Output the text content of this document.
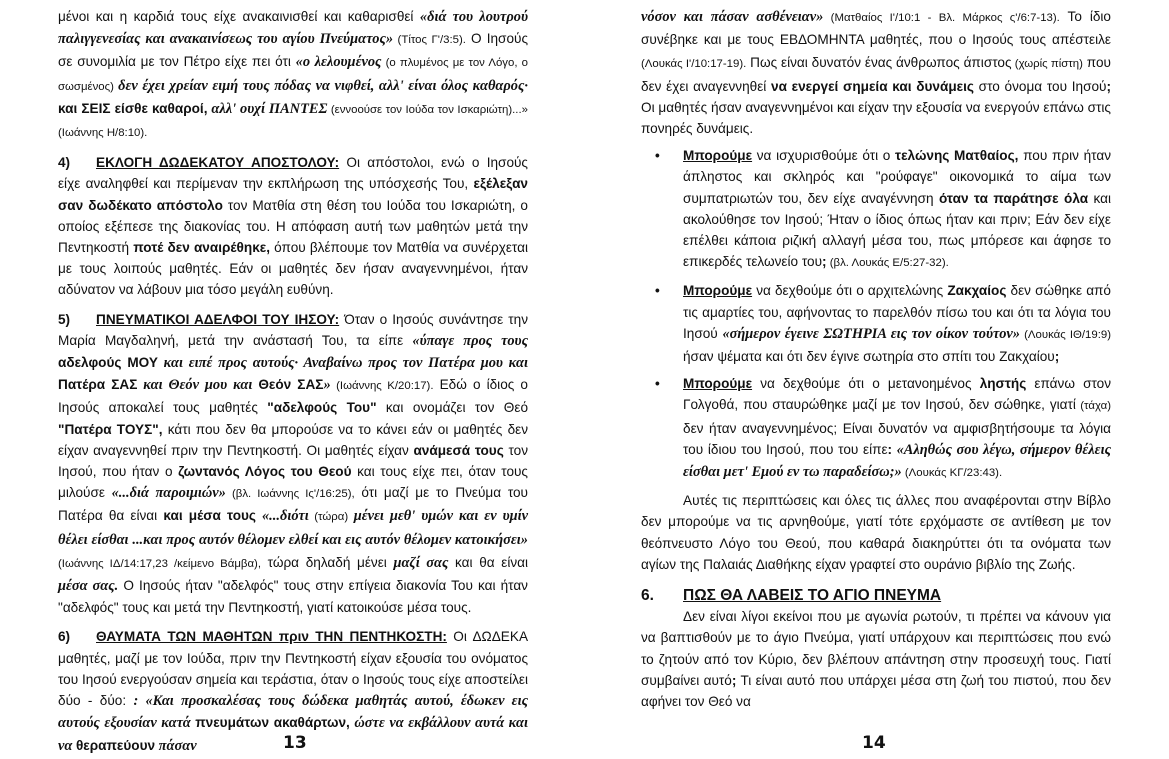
μένοι και η καρδιά τους είχε ανακαινισθεί και καθαρισθεί «διά του λουτρού παλιγγενεσίας και ανακαινίσεως του αγίου Πνεύματος» (Τίτος Γ'/3:5). Ο Ιησούς σε συνομιλία με τον Πέτρο είχε πει ότι «ο λελουμένος (ο πλυμένος με τον Λόγο, ο σωσμένος) δεν έχει χρείαν ειμή τους πόδας να νιφθεί, αλλ' είναι όλος καθαρός· και ΣΕΙΣ είσθε καθαροί, αλλ' ουχί ΠΑΝΤΕΣ (εννοούσε τον Ιούδα τον Ισκαριώτη)...» (Ιωάννης Η/8:10).

4) ΕΚΛΟΓΗ ΔΩΔΕΚΑΤΟΥ ΑΠΟΣΤΟΛΟΥ: Οι απόστολοι, ενώ ο Ιησούς είχε αναληφθεί και περίμεναν την εκπλήρωση της υπόσχεσής Του, εξέλεξαν σαν δωδέκατο απόστολο τον Ματθία στη θέση του Ιούδα του Ισκαριώτη, ο οποίος εξέπεσε της διακονίας του. Η απόφαση αυτή των μαθητών μετά την Πεντηκοστή ποτέ δεν αναιρέθηκε, όπου βλέπουμε τον Ματθία να συνέρχεται με τους λοιπούς μαθητές. Εάν οι μαθητές δεν ήσαν αναγεννημένοι, ήταν αδύνατον να λάβουν μια τόσο μεγάλη ευθύνη.

5) ΠΝΕΥΜΑΤΙΚΟΙ ΑΔΕΛΦΟΙ ΤΟΥ ΙΗΣΟΥ: Όταν ο Ιησούς συνάντησε την Μαρία Μαγδαληνή, μετά την ανάστασή Του, τα είπε «ύπαγε προς τους αδελφούς ΜΟΥ και ειπέ προς αυτούς· Αναβαίνω προς τον Πατέρα μου και Πατέρα ΣΑΣ και Θεόν μου και Θεόν ΣΑΣ» (Ιωάννης Κ/20:17). Εδώ ο ίδιος ο Ιησούς αποκαλεί τους μαθητές "αδελφούς Του" και ονομάζει τον Θεό "Πατέρα ΤΟΥΣ", κάτι που δεν θα μπορούσε να το κάνει εάν οι μαθητές δεν είχαν αναγεννηθεί πριν την Πεντηκοστή. Οι μαθητές είχαν ανάμεσά τους τον Ιησού, που ήταν ο ζωντανός Λόγος του Θεού και τους είχε πει, όταν τους μιλούσε «...διά παροιμιών» (βλ. Ιωάννης Ις'/16:25), ότι μαζί με το Πνεύμα του Πατέρα θα είναι και μέσα τους «...διότι (τώρα) μένει μεθ' υμών και εν υμίν θέλει είσθαι ...και προς αυτόν θέλομεν ελθεί και εις αυτόν θέλομεν κατοικήσει» (Ιωάννης ΙΔ/14:17,23 /κείμενο Βάμβα), τώρα δηλαδή μένει μαζί σας και θα είναι μέσα σας. Ο Ιησούς ήταν "αδελφός" τους στην επίγεια διακονία Του και ήταν "αδελφός" τους και μετά την Πεντηκοστή, γιατί κατοικούσε μέσα τους.

6) ΘΑΥΜΑΤΑ ΤΩΝ ΜΑΘΗΤΩΝ πριν ΤΗΝ ΠΕΝΤΗΚΟΣΤΗ: Οι ΔΩΔΕΚΑ μαθητές, μαζί με τον Ιούδα, πριν την Πεντηκοστή είχαν εξουσία του ονόματος του Ιησού ενεργούσαν σημεία και τεράστια, όταν ο Ιησούς τους είχε αποστείλει δύο - δύο: : «Και προσκαλέσας τους δώδεκα μαθητάς αυτού, έδωκεν εις αυτούς εξουσίαν κατά πνευμάτων ακαθάρτων, ώστε να εκβάλλουν αυτά και να θεραπεύουν πάσαν	13

νόσον και πάσαν ασθένειαν» (Ματθαίος Ι'/10:1 - Βλ. Μάρκος ς'/6:7-13). Το ίδιο συνέβηκε και με τους ΕΒΔΟΜΗΝΤΑ μαθητές, που ο Ιησούς τους απέστειλε (Λουκάς Ι'/10:17-19). Πως είναι δυνατόν ένας άνθρωπος άπιστος (χωρίς πίστη) που δεν έχει αναγεννηθεί να ενεργεί σημεία και δυνάμεις στο όνομα του Ιησού; Οι μαθητές ήσαν αναγεννημένοι και είχαν την εξουσία να ενεργούν επάνω στις πονηρές δυνάμεις.

• Μπορούμε να ισχυρισθούμε ότι ο τελώνης Ματθαίος, που πριν ήταν άπληστος και σκληρός και "ρούφαγε" οικονομικά το αίμα των συμπατριωτών του, δεν είχε αναγέννηση όταν τα παράτησε όλα και ακολούθησε τον Ιησού; Ήταν ο ίδιος όπως ήταν και πριν; Εάν δεν είχε επέλθει κάποια ριζική αλλαγή μέσα του, πως μπόρεσε και άφησε το επικερδές τελωνείο του; (βλ. Λουκάς Ε/5:27-32).
• Μπορούμε να δεχθούμε ότι ο αρχιτελώνης Ζακχαίος δεν σώθηκε από τις αμαρτίες του, αφήνοντας το παρελθόν πίσω του και ότι τα λόγια του Ιησού «σήμερον έγεινε ΣΩΤΗΡΙΑ εις τον οίκον τούτον» (Λουκάς ΙΘ/19:9) ήσαν ψέματα και ότι δεν έγινε σωτηρία στο σπίτι του Ζακχαίου;
• Μπορούμε να δεχθούμε ότι ο μετανοημένος ληστής επάνω στον Γολγοθά, που σταυρώθηκε μαζί με τον Ιησού, δεν σώθηκε, γιατί (τάχα) δεν ήταν αναγεννημένος; Είναι δυνατόν να αμφισβητήσουμε τα λόγια του ίδιου του Ιησού, που του είπε: «Αληθώς σου λέγω, σήμερον θέλεις είσθαι μετ' Εμού εν τω παραδείσω;» (Λουκάς ΚΓ/23:43).

Αυτές τις περιπτώσεις και όλες τις άλλες που αναφέρονται στην Βίβλο δεν μπορούμε να τις αρνηθούμε, γιατί τότε ερχόμαστε σε αντίθεση με τον θεόπνευστο Λόγο του Θεού, που καθαρά διακηρύττει ότι τα ονόματα των αγίων της Παλαιάς Διαθήκης είχαν γραφτεί στο ουράνιο βιβλίο της Ζωής.

6. ΠΩΣ ΘΑ ΛΑΒΕΙΣ ΤΟ ΑΓΙΟ ΠΝΕΥΜΑ

Δεν είναι λίγοι εκείνοι που με αγωνία ρωτούν, τι πρέπει να κάνουν για να βαπτισθούν με το άγιο Πνεύμα, γιατί υπάρχουν και περιπτώσεις που ενώ το ζητούν από τον Κύριο, δεν βλέπουν απάντηση στην προσευχή τους. Γιατί συμβαίνει αυτό; Τι είναι αυτό που υπάρχει μέσα στη ζωή του πιστού, που δεν αφήνει τον Θεό να

14
